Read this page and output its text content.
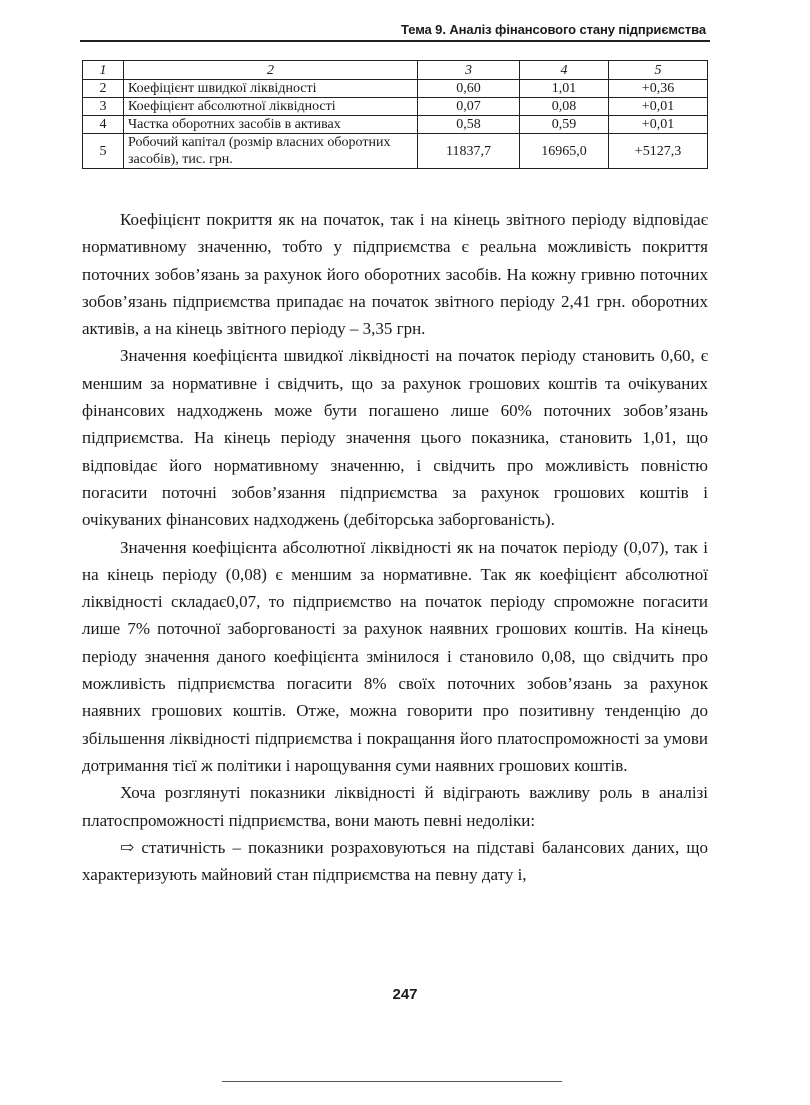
Тема 9. Аналіз фінансового стану підприємства
1	2	3	4	5
2	Коефіцієнт швидкої ліквідності	0,60	1,01	+0,36
3	Коефіцієнт абсолютної ліквідності	0,07	0,08	+0,01
4	Частка оборотних засобів в активах	0,58	0,59	+0,01
5	Робочий капітал (розмір власних оборотних засобів), тис. грн.	11837,7	16965,0	+5127,3

Коефіцієнт покриття як на початок, так і на кінець звітного періоду відповідає нормативному значенню, тобто у підприємства є реальна можливість покриття поточних зобов’язань за рахунок його оборотних засобів. На кожну гривню поточних зобов’язань підприємства припадає на початок звітного періоду 2,41 грн. оборотних активів, а на кінець звітного періоду – 3,35 грн.

Значення коефіцієнта швидкої ліквідності на початок періоду становить 0,60, є меншим за нормативне і свідчить, що за рахунок грошових коштів та очікуваних фінансових надходжень може бути погашено лише 60% поточних зобов’язань підприємства. На кінець періоду значення цього показника, становить 1,01, що відповідає його нормативному значенню, і свідчить про можливість повністю погасити поточні зобов’язання підприємства за рахунок грошових коштів і очікуваних фінансових надходжень (дебіторська заборгованість).

Значення коефіцієнта абсолютної ліквідності як на початок періоду (0,07), так і на кінець періоду (0,08) є меншим за нормативне. Так як коефіцієнт абсолютної ліквідності складає0,07, то підприємство на початок періоду спроможне погасити лише 7% поточної заборгованості за рахунок наявних грошових коштів. На кінець періоду значення даного коефіцієнта змінилося і становило 0,08, що свідчить про можливість підприємства погасити 8% своїх поточних зобов’язань за рахунок наявних грошових коштів. Отже, можна говорити про позитивну тенденцію до збільшення ліквідності підприємства і покращання його платоспроможності за умови дотримання тієї ж політики і нарощування суми наявних грошових коштів.

Хоча розглянуті показники ліквідності й відіграють важливу роль в аналізі платоспроможності підприємства, вони мають певні недоліки:

⇨ статичність – показники розраховуються на підставі балансових даних, що характеризують майновий стан підприємства на певну дату і,

247
